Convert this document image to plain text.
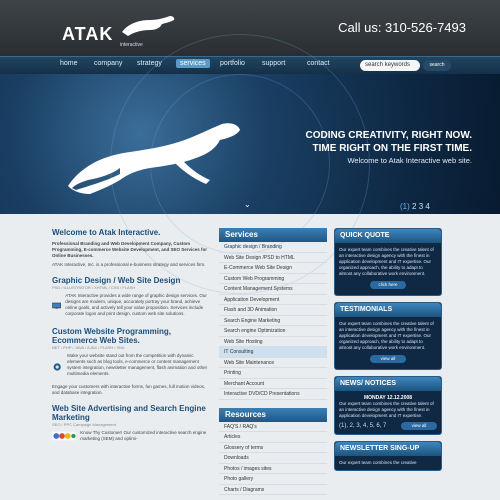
ATAK
interactive
Call us: 310-526-7493
home company strategy	services	portfolio support	contact	search keywords	search
CODING CREATIVITY, RIGHT NOW.
TIME RIGHT ON THE FIRST TIME.
Welcome to Atak Interactive web site.
⌄	(1) 2 3 4
Welcome to Atak Interactive.
Professional Branding and Web Development Company, Custom Programming, E-commerce Website Development, and SEO Services for Online Businesses.
ATAK Interactive, Inc. is a professional e-business strategy and services firm.
Graphic Design / Web Site Design
PSD / ILLUSTRATOR / XHTML / CSS / FLASH
ATAK Interactive provides a wide range of graphic design services. Our designs are modern, unique, accurately portray your brand, achieve online goals, and actively tell your value proposition. Services include corporate logos and print design, custom web site solutions.
Custom Website Programming, Ecommerce Web Sites.
NET / PHP / JAVA / AJAX / FLASH / XML
Make your website stand out from the competition with dynamic elements such as blog tools, e-commerce or content management system integration, newsletter management, flash animation and other multimedia elements.
Engage your customers with interactive forms, fun games, full motion videos, and database integration.
Web Site Advertising and Search Engine Marketing
SEO / PPC Campaign Management
Know Thy Customer! Our customized interactive search engine marketing (SEM) and optimi-
Services
Graphic design / Branding
Web Site Design /PSD to HTML
E-Commerce Web Site Design
Custom Web Programming
Content Management Systems
Application Development
Flash and 3D Animation
Search Engine Marketing
Search engine Optimization
Web Site Hosting
IT Consulting
Web Site Maintenance
Printing
Merchant Account
Interactive DVD/CD Presentations
Resources
FAQ'S / RAQ's
Articles
Glossery of terms
Downloads
Photos / images sites
Photo gallery
Charts / Diagrams
QUICK QUOTE
Our expert team combines the creative talent of an interactive design agency with the finest in application development and IT expertise. Our organized approach, the ability to adapt to almost any collaborative work environment.
click here
TESTIMONIALS
Our expert team combines the creative talent of an interactive design agency with the finest in application development and IT expertise. Our organized approach, the ability to adapt to almost any collaborative work environment.
view all
NEWS/ NOTICES
MONDAY 12.12.2008
Our expert team combines the creative talent of an interactive design agency with the finest in application development and IT expertise.
(1), 2, 3, 4, 5, 6, 7	view all
NEWSLETTER SING-UP
Our expert team combines the creative
